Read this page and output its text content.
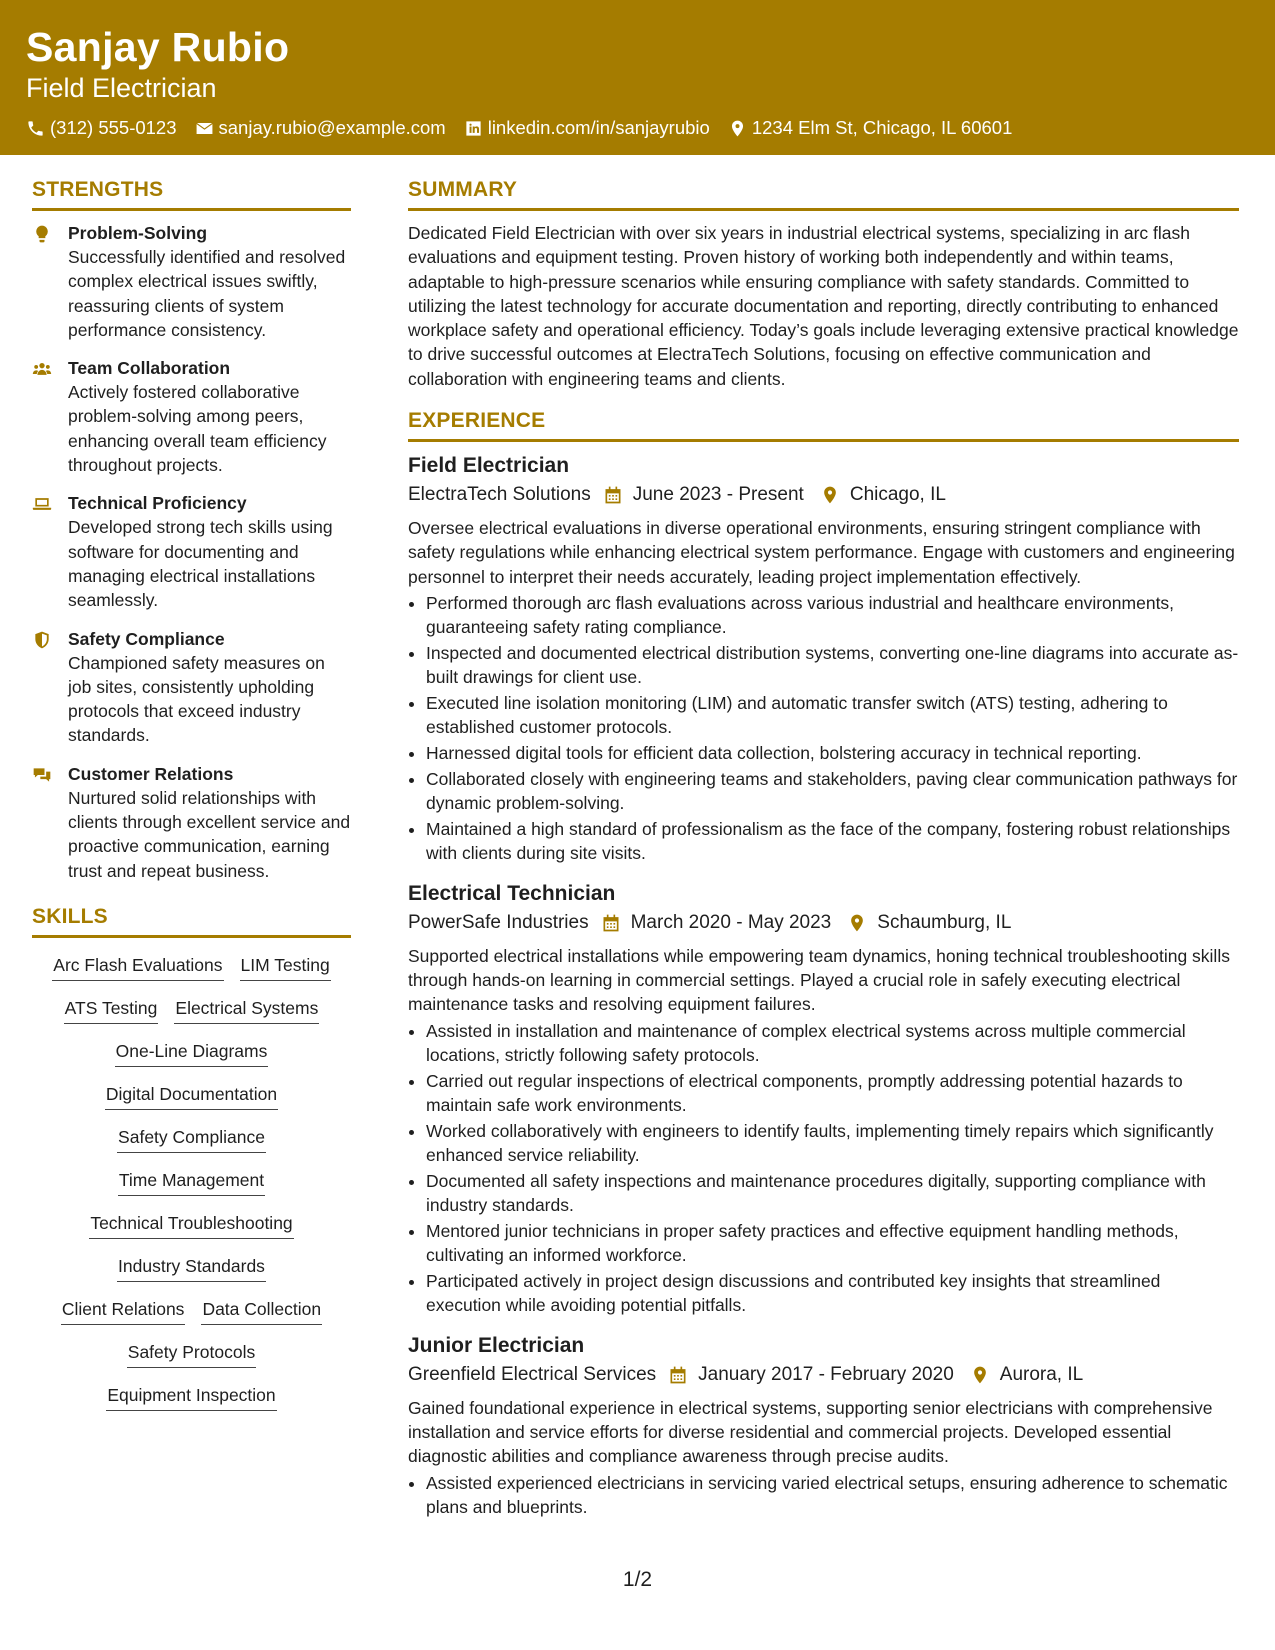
Sanjay Rubio
Field Electrician
(312) 555-0123 sanjay.rubio@example.com linkedin.com/in/sanjayrubio 1234 Elm St, Chicago, IL 60601
STRENGTHS
Problem-Solving
Successfully identified and resolved complex electrical issues swiftly, reassuring clients of system performance consistency.
Team Collaboration
Actively fostered collaborative problem-solving among peers, enhancing overall team efficiency throughout projects.
Technical Proficiency
Developed strong tech skills using software for documenting and managing electrical installations seamlessly.
Safety Compliance
Championed safety measures on job sites, consistently upholding protocols that exceed industry standards.
Customer Relations
Nurtured solid relationships with clients through excellent service and proactive communication, earning trust and repeat business.
SKILLS
Arc Flash Evaluations LIM Testing
ATS Testing Electrical Systems
One-Line Diagrams
Digital Documentation
Safety Compliance
Time Management
Technical Troubleshooting
Industry Standards
Client Relations Data Collection
Safety Protocols
Equipment Inspection
SUMMARY
Dedicated Field Electrician with over six years in industrial electrical systems, specializing in arc flash evaluations and equipment testing. Proven history of working both independently and within teams, adaptable to high-pressure scenarios while ensuring compliance with safety standards. Committed to utilizing the latest technology for accurate documentation and reporting, directly contributing to enhanced workplace safety and operational efficiency. Today’s goals include leveraging extensive practical knowledge to drive successful outcomes at ElectraTech Solutions, focusing on effective communication and collaboration with engineering teams and clients.
EXPERIENCE
Field Electrician
ElectraTech Solutions June 2023 - Present Chicago, IL
Oversee electrical evaluations in diverse operational environments, ensuring stringent compliance with safety regulations while enhancing electrical system performance. Engage with customers and engineering personnel to interpret their needs accurately, leading project implementation effectively.
• Performed thorough arc flash evaluations across various industrial and healthcare environments, guaranteeing safety rating compliance.
• Inspected and documented electrical distribution systems, converting one-line diagrams into accurate as-built drawings for client use.
• Executed line isolation monitoring (LIM) and automatic transfer switch (ATS) testing, adhering to established customer protocols.
• Harnessed digital tools for efficient data collection, bolstering accuracy in technical reporting.
• Collaborated closely with engineering teams and stakeholders, paving clear communication pathways for dynamic problem-solving.
• Maintained a high standard of professionalism as the face of the company, fostering robust relationships with clients during site visits.
Electrical Technician
PowerSafe Industries March 2020 - May 2023 Schaumburg, IL
Supported electrical installations while empowering team dynamics, honing technical troubleshooting skills through hands-on learning in commercial settings. Played a crucial role in safely executing electrical maintenance tasks and resolving equipment failures.
• Assisted in installation and maintenance of complex electrical systems across multiple commercial locations, strictly following safety protocols.
• Carried out regular inspections of electrical components, promptly addressing potential hazards to maintain safe work environments.
• Worked collaboratively with engineers to identify faults, implementing timely repairs which significantly enhanced service reliability.
• Documented all safety inspections and maintenance procedures digitally, supporting compliance with industry standards.
• Mentored junior technicians in proper safety practices and effective equipment handling methods, cultivating an informed workforce.
• Participated actively in project design discussions and contributed key insights that streamlined execution while avoiding potential pitfalls.
Junior Electrician
Greenfield Electrical Services January 2017 - February 2020 Aurora, IL
Gained foundational experience in electrical systems, supporting senior electricians with comprehensive installation and service efforts for diverse residential and commercial projects. Developed essential diagnostic abilities and compliance awareness through precise audits.
• Assisted experienced electricians in servicing varied electrical setups, ensuring adherence to schematic plans and blueprints.
1/2
